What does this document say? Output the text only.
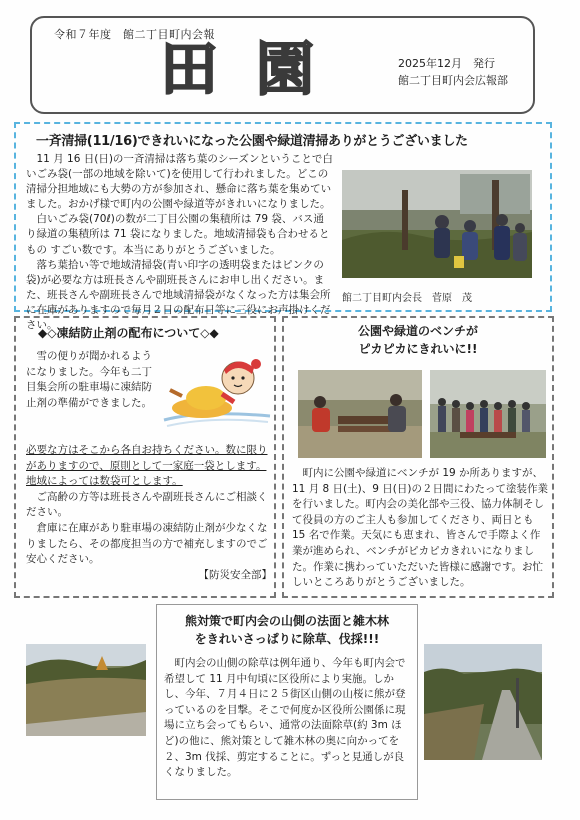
令和７年度　館二丁目町内会報
田園	2025年12月　発行
館二丁目町内会広報部
一斉清掃(11/16)できれいになった公園や緑道清掃ありがとうございました

11 月 16 日(日)の一斉清掃は落ち葉のシーズンということで白いごみ袋(一部の地域を除いて)を使用して行われました。どこの清掃分担地域にも大勢の方が参加され、懸命に落ち葉を集めていました。おかげ様で町内の公園や緑道等がきれいになりました。

白いごみ袋(70ℓ)の数が二丁目公園の集積所は 79 袋、バス通り緑道の集積所は 71 袋になりました。地域清掃袋も合わせるともの すごい数です。本当にありがとうございました。

落ち葉拾い等で地域清掃袋(青い印字の透明袋またはピンクの袋)が必要な方は班長さんや副班長さんにお申し出ください。また、班長さんや副班長さんで地域清掃袋がなくなった方は集会所に在庫がありますので毎月２日の配布日等に三役にお声掛けください。

館二丁目町内会長　菅原　茂
◆◇凍結防止剤の配布について◇◆

雪の便りが聞かれるようになりました。今年も二丁目集会所の駐車場に凍結防止剤の準備ができました。

必要な方はそこから各自お持ちください。数に限りがありますので、原則として一家庭一袋とします。地域によっては数袋可とします。

ご高齢の方等は班長さんや副班長さんにご相談ください。

倉庫に在庫があり駐車場の凍結防止剤が少なくなりましたら、その都度担当の方で補充しますのでご安心ください。

【防災安全部】

公園や緑道のベンチが
ピカピカにきれいに!!

町内に公園や緑道にベンチが 19 か所ありますが、11 月 8 日(土)、9 日(日)の２日間にわたって塗装作業を行いました。町内会の美化部や三役、協力体制そして役員の方のご主人も参加してくださり、両日とも 15 名で作業。天気にも恵まれ、皆さんで手際よく作業が進められ、ベンチがピカピカきれいになりました。作業に携わっていただいた皆様に感謝です。お忙しいところありがとうございました。

熊対策で町内会の山側の法面と雑木林
をきれいさっぱりに除草、伐採!!!

町内会の山側の除草は例年通り、今年も町内会で希望して 11 月中旬頃に区役所により実施。しかし、今年、７月４日に２５街区山側の山桜に熊が登っているのを目撃。そこで何度か区役所公園係に現場に立ち会ってもらい、通常の法面除草(約 3m ほど)の他に、熊対策として雑木林の奥に向かってを２、3m 伐採、剪定することに。ずっと見通しが良くなりました。
